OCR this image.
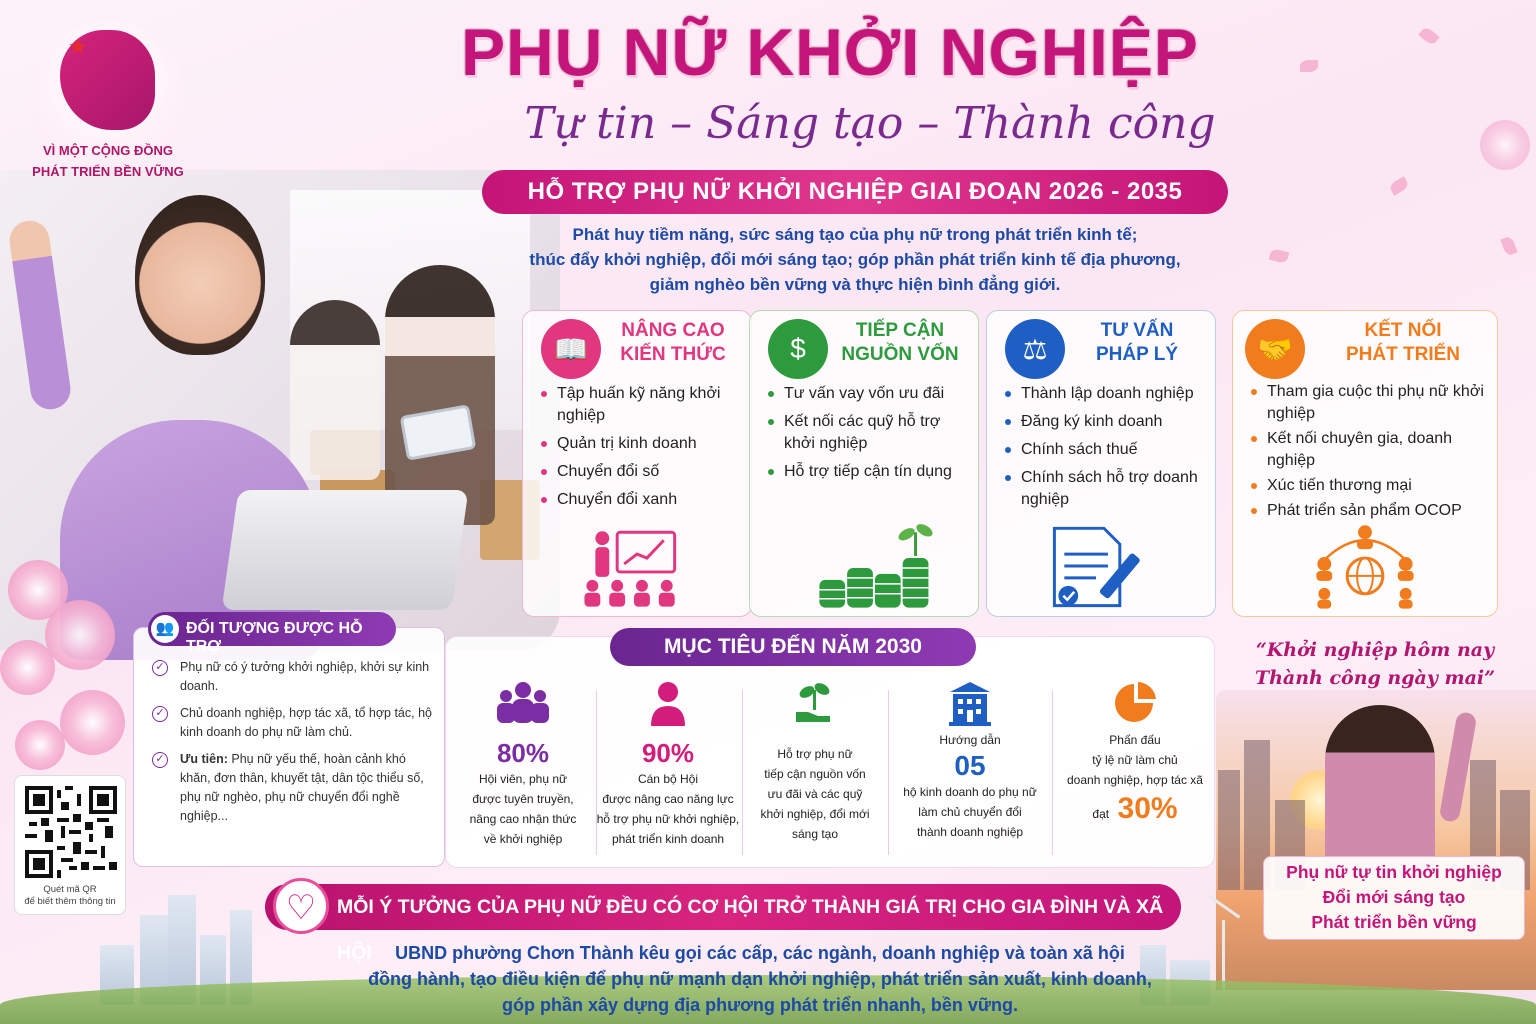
★
VÌ MỘT CỘNG ĐỒNG
PHÁT TRIỂN BỀN VỮNG
PHỤ NỮ KHỞI NGHIỆP
Tự tin – Sáng tạo – Thành công
HỖ TRỢ PHỤ NỮ KHỞI NGHIỆP GIAI ĐOẠN 2026 - 2035
Phát huy tiềm năng, sức sáng tạo của phụ nữ trong phát triển kinh tế;
thúc đẩy khởi nghiệp, đổi mới sáng tạo; góp phần phát triển kinh tế địa phương,
giảm nghèo bền vững và thực hiện bình đẳng giới.
📖
NÂNG CAO
KIẾN THỨC
Tập huấn kỹ năng khởi nghiệp
Quản trị kinh doanh
Chuyển đổi số
Chuyển đổi xanh
$
TIẾP CẬN
NGUỒN VỐN
Tư vấn vay vốn ưu đãi
Kết nối các quỹ hỗ trợ khởi nghiệp
Hỗ trợ tiếp cận tín dụng
⚖
TƯ VẤN
PHÁP LÝ
Thành lập doanh nghiệp
Đăng ký kinh doanh
Chính sách thuế
Chính sách hỗ trợ doanh nghiệp
🤝
KẾT NỐI
PHÁT TRIỂN
Tham gia cuộc thi phụ nữ khởi nghiệp
Kết nối chuyên gia, doanh nghiệp
Xúc tiến thương mại
Phát triển sản phẩm OCOP
✓ Phụ nữ có ý tưởng khởi nghiệp, khởi sự kinh doanh.
✓ Chủ doanh nghiệp, hợp tác xã, tổ hợp tác, hộ kinh doanh do phụ nữ làm chủ.
✓ Ưu tiên: Phụ nữ yếu thế, hoàn cảnh khó khăn, đơn thân, khuyết tật, dân tộc thiểu số, phụ nữ nghèo, phụ nữ chuyển đổi nghề nghiệp...
👥 ĐỐI TƯỢNG ĐƯỢC HỖ TRỢ
Quét mã QR
để biết thêm thông tin
MỤC TIÊU ĐẾN NĂM 2030
80%
Hội viên, phụ nữ
được tuyên truyền,
nâng cao nhận thức
về khởi nghiệp
90%
Cán bộ Hội
được nâng cao năng lực
hỗ trợ phụ nữ khởi nghiệp,
phát triển kinh doanh
Hỗ trợ phụ nữ
tiếp cận nguồn vốn
ưu đãi và các quỹ
khởi nghiệp, đổi mới
sáng tạo
Hướng dẫn
05
hộ kinh doanh do phụ nữ
làm chủ chuyển đổi
thành doanh nghiệp
Phấn đấu
tỷ lệ nữ làm chủ
doanh nghiệp, hợp tác xã
đạt 30%
“Khởi nghiệp hôm nay
Thành công ngày mai”
Phụ nữ tự tin khởi nghiệp
Đổi mới sáng tạo
Phát triển bền vững
♡	MỖI Ý TƯỞNG CỦA PHỤ NỮ ĐỀU CÓ CƠ HỘI TRỞ THÀNH GIÁ TRỊ CHO GIA ĐÌNH VÀ XÃ HỘI	UBND phường Chơn Thành kêu gọi các cấp, các ngành, doanh nghiệp và toàn xã hội
đồng hành, tạo điều kiện để phụ nữ mạnh dạn khởi nghiệp, phát triển sản xuất, kinh doanh,
góp phần xây dựng địa phương phát triển nhanh, bền vững.
